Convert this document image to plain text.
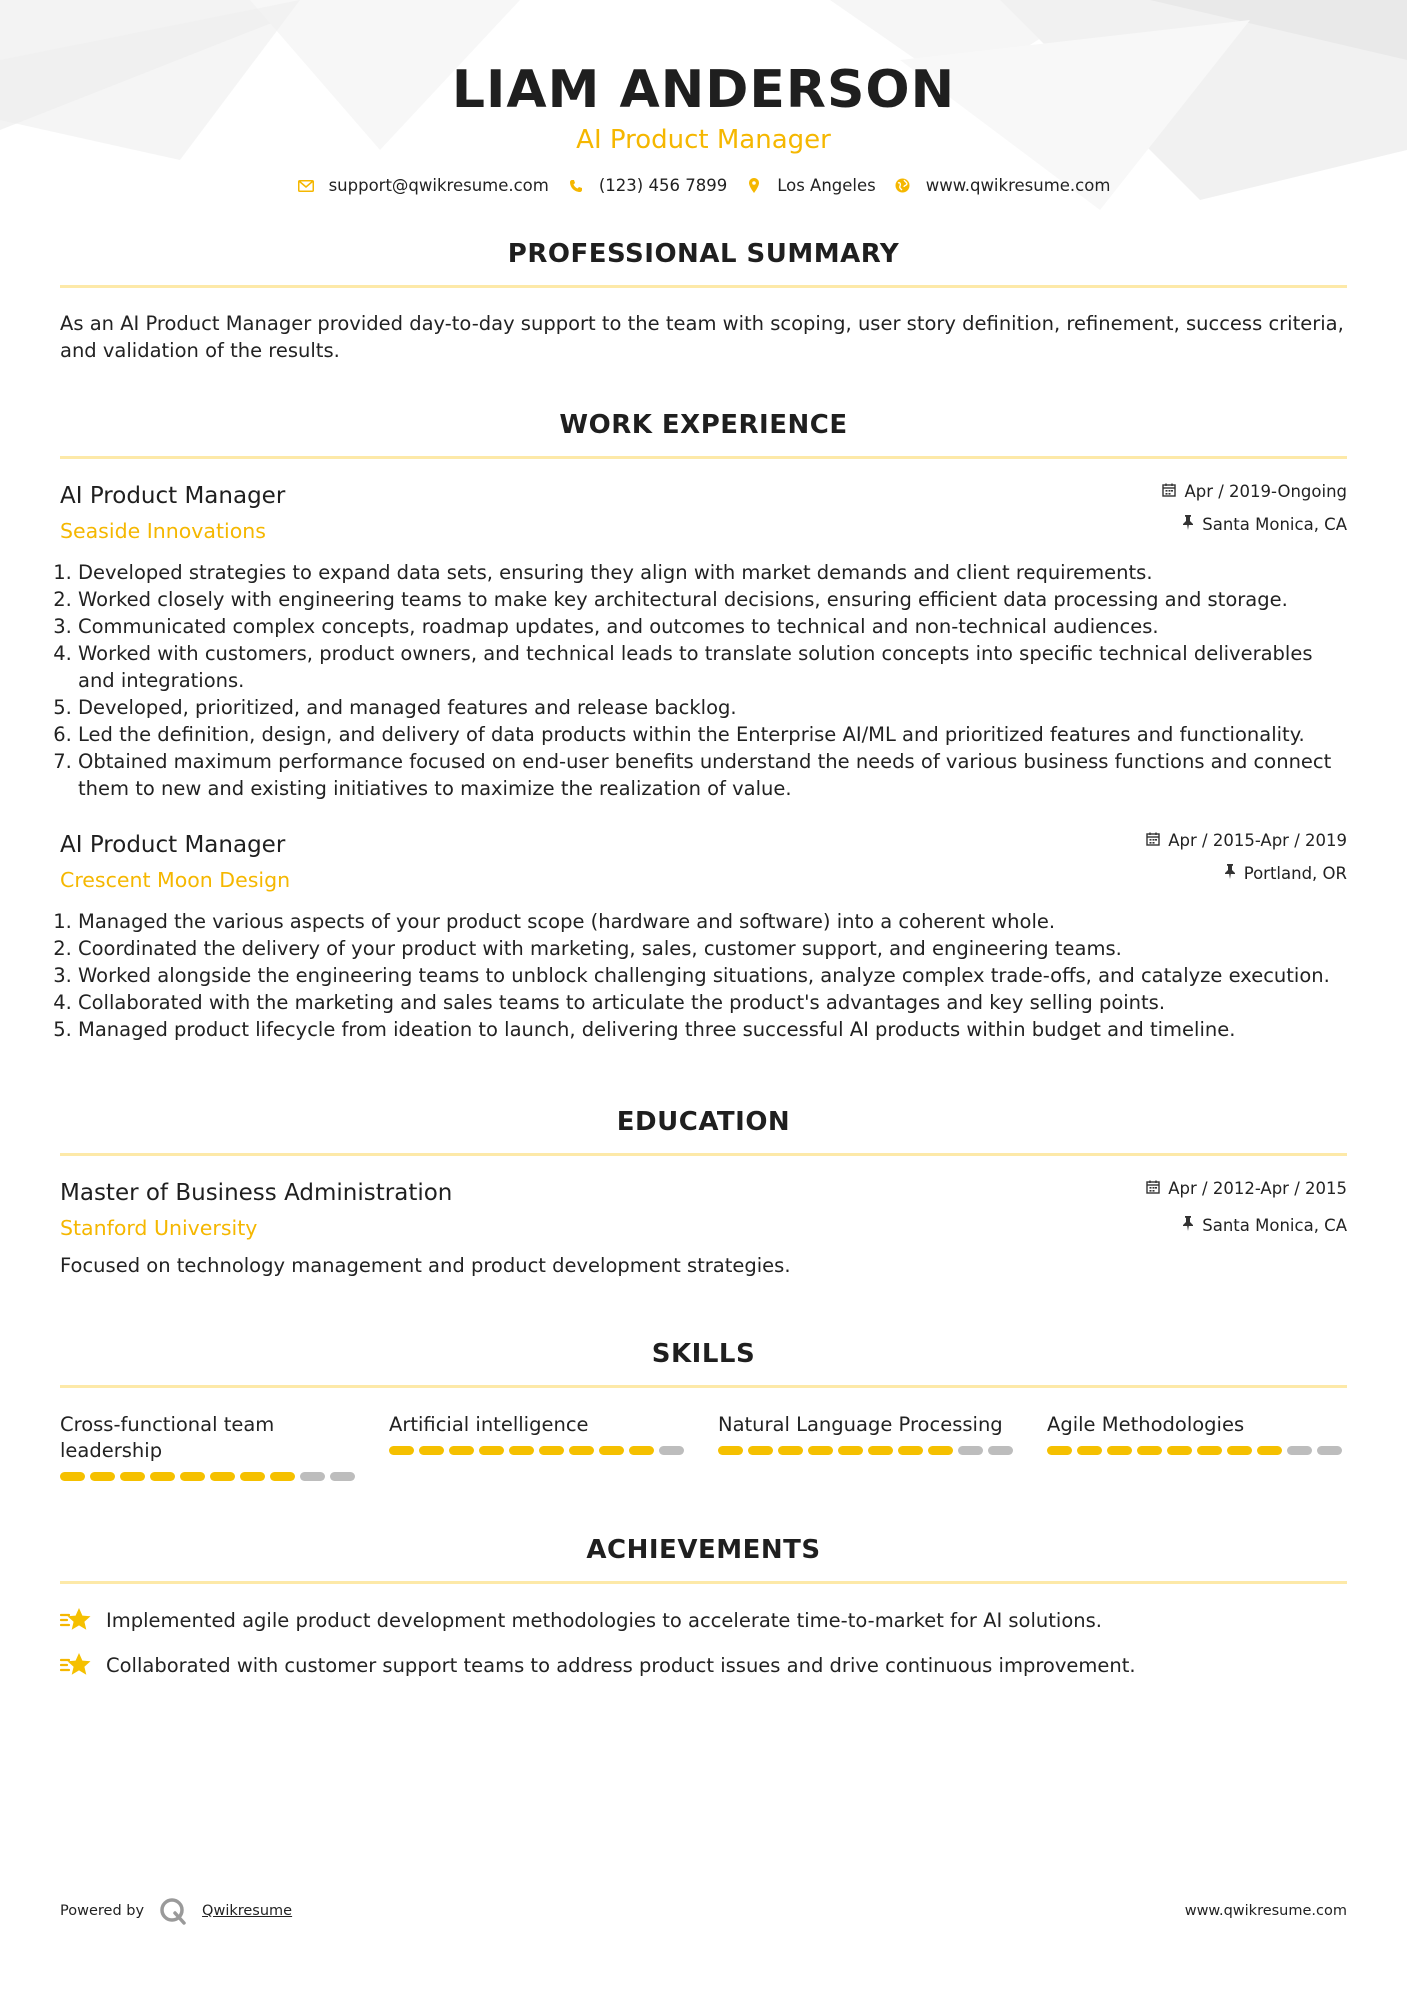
LIAM ANDERSON
AI Product Manager
support@qwikresume.com	(123) 456 7899	Los Angeles	www.qwikresume.com
PROFESSIONAL SUMMARY

As an AI Product Manager provided day-to-day support to the team with scoping, user story definition, refinement, success criteria, and validation of the results.

WORK EXPERIENCE
AI Product Manager
Seaside Innovations
Apr / 2019-Ongoing
Santa Monica, CA
1. Developed strategies to expand data sets, ensuring they align with market demands and client requirements.
2. Worked closely with engineering teams to make key architectural decisions, ensuring efficient data processing and storage.
3. Communicated complex concepts, roadmap updates, and outcomes to technical and non-technical audiences.
4. Worked with customers, product owners, and technical leads to translate solution concepts into specific technical deliverables and integrations.
5. Developed, prioritized, and managed features and release backlog.
6. Led the definition, design, and delivery of data products within the Enterprise AI/ML and prioritized features and functionality.
7. Obtained maximum performance focused on end-user benefits understand the needs of various business functions and connect them to new and existing initiatives to maximize the realization of value.
AI Product Manager
Crescent Moon Design
Apr / 2015-Apr / 2019
Portland, OR
1. Managed the various aspects of your product scope (hardware and software) into a coherent whole.
2. Coordinated the delivery of your product with marketing, sales, customer support, and engineering teams.
3. Worked alongside the engineering teams to unblock challenging situations, analyze complex trade-offs, and catalyze execution.
4. Collaborated with the marketing and sales teams to articulate the product's advantages and key selling points.
5. Managed product lifecycle from ideation to launch, delivering three successful AI products within budget and timeline.
EDUCATION
Master of Business Administration
Stanford University
Apr / 2012-Apr / 2015
Santa Monica, CA

Focused on technology management and product development strategies.

SKILLS
Cross-functional team leadership
Artificial intelligence	Natural Language Processing	Agile Methodologies
ACHIEVEMENTS
Implemented agile product development methodologies to accelerate time-to-market for AI solutions.
Collaborated with customer support teams to address product issues and drive continuous improvement.
Powered by	Qwikresume	www.qwikresume.com
